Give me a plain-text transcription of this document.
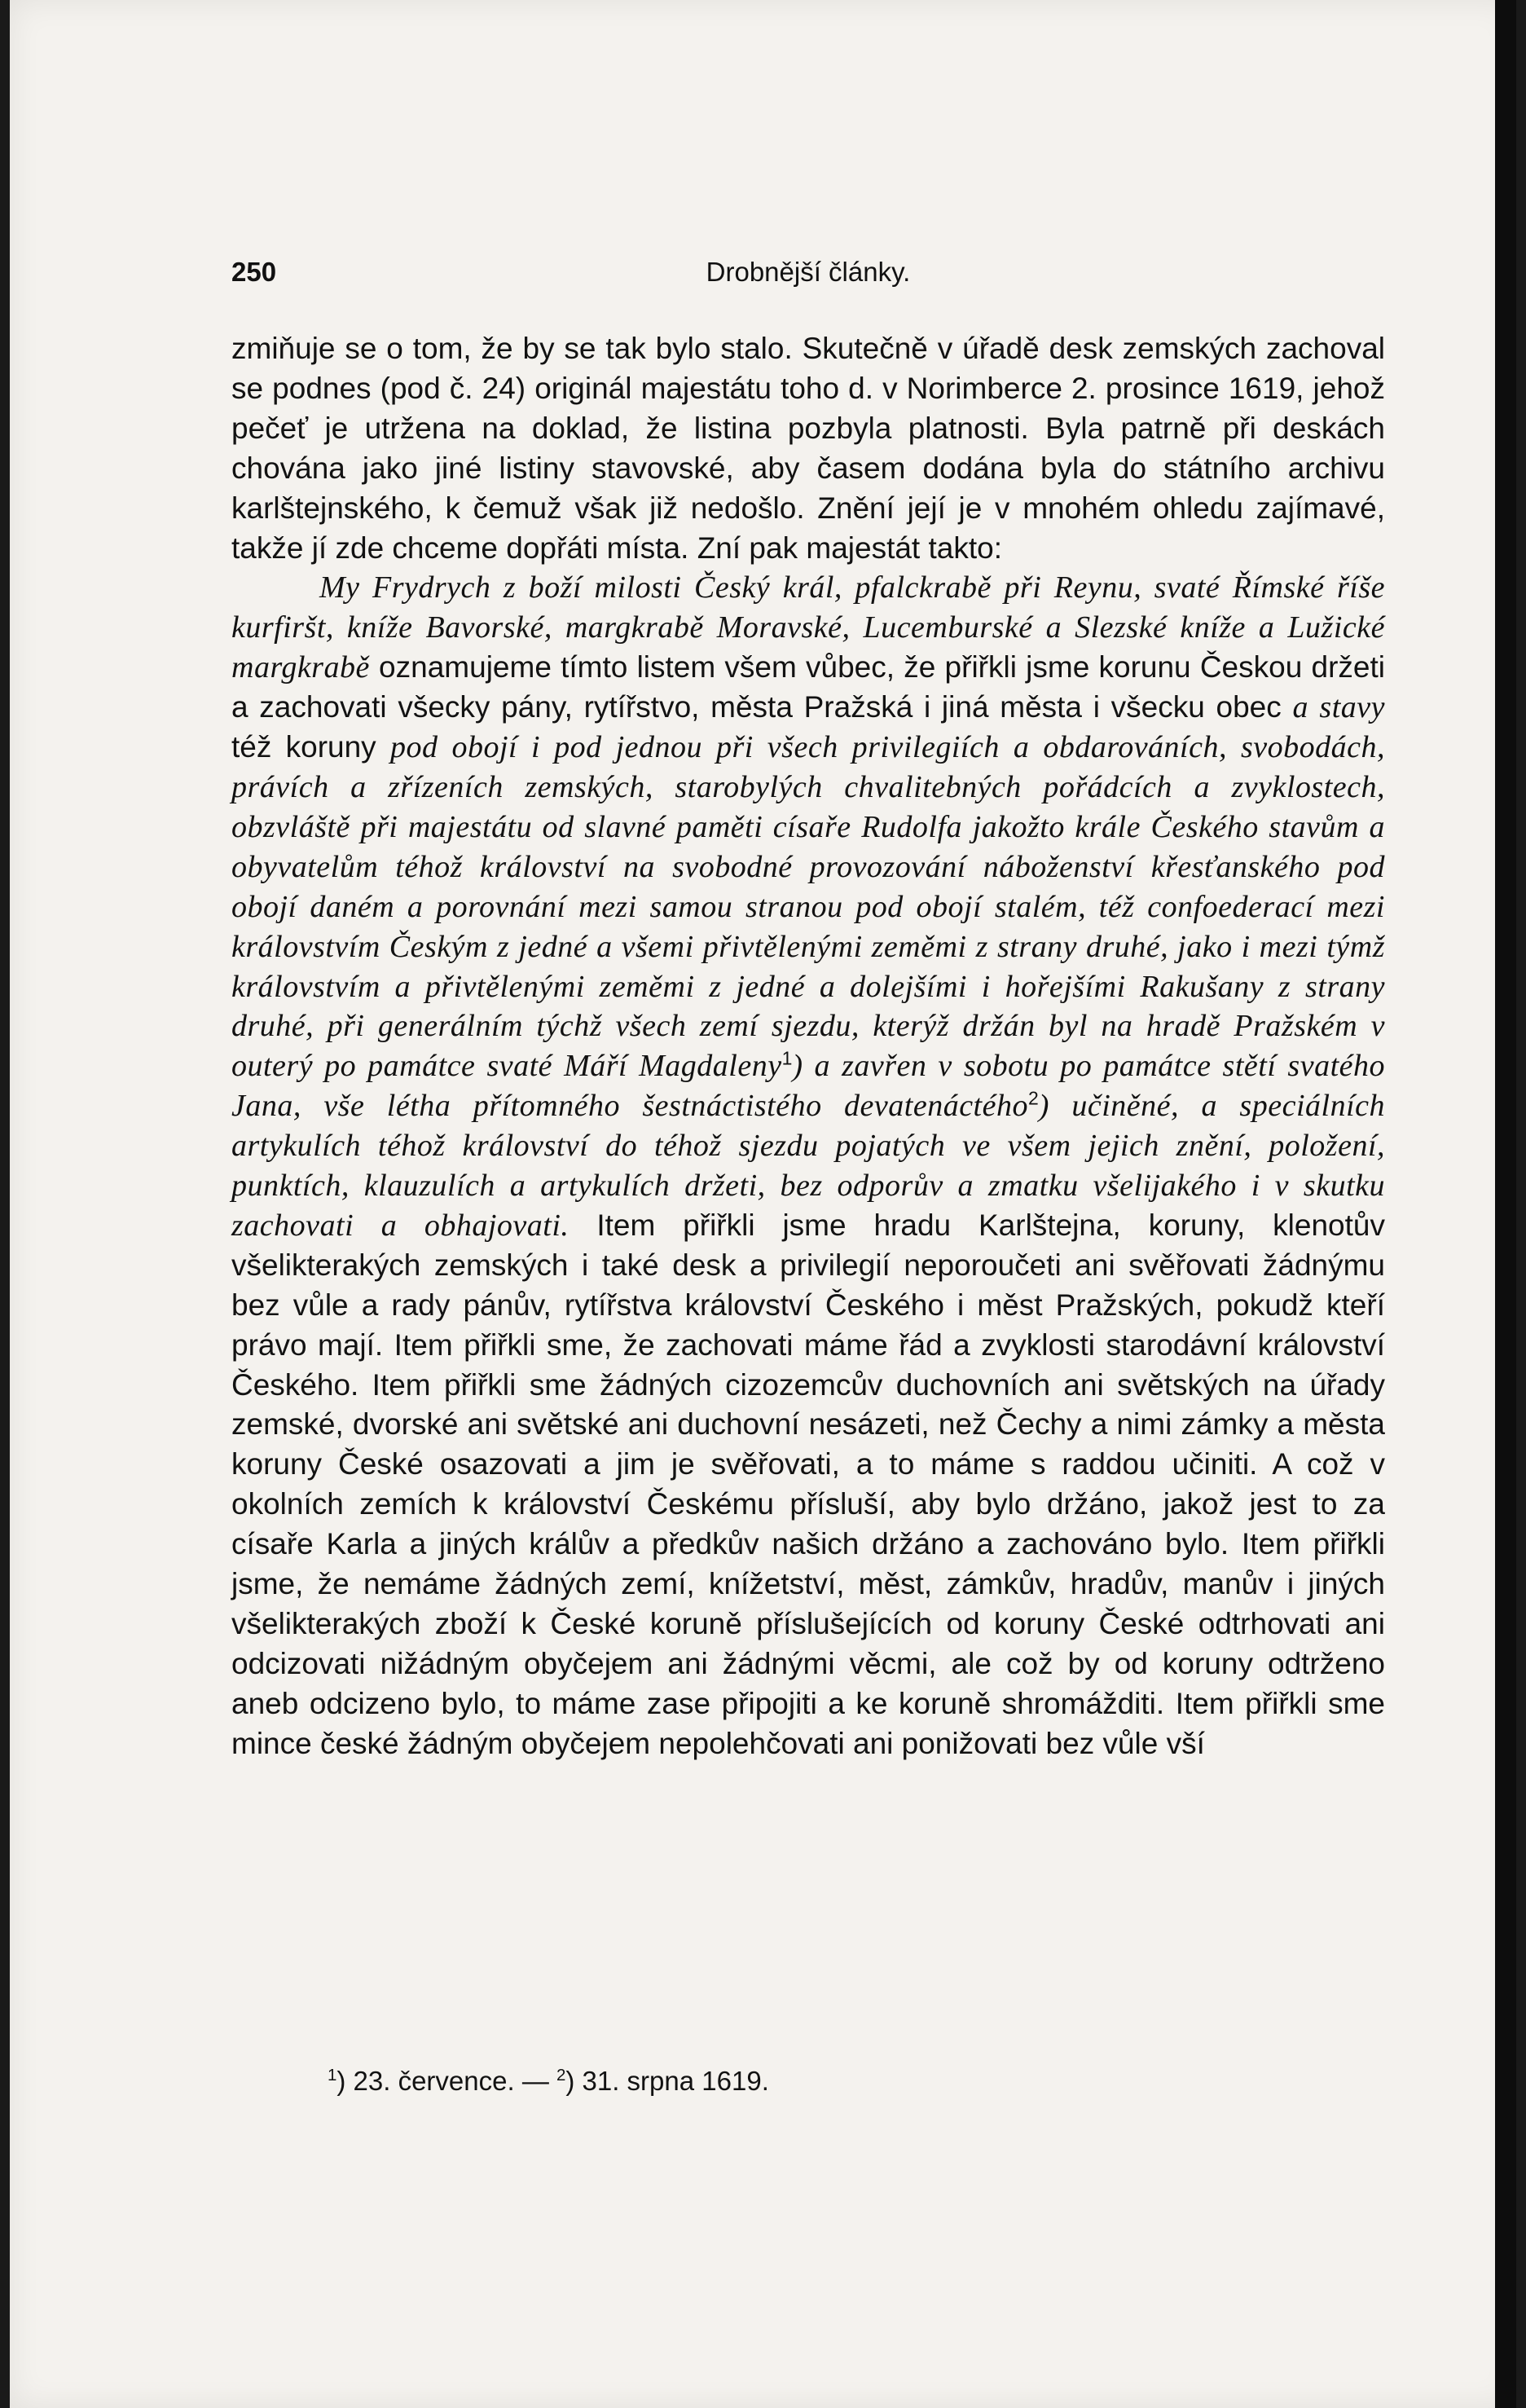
250	Drobnější články.

zmiňuje se o tom, že by se tak bylo stalo. Skutečně v úřadě desk zemských zachoval se podnes (pod č. 24) originál majestátu toho d. v Norimberce 2. prosince 1619, jehož pečeť je utržena na doklad, že listina pozbyla platnosti. Byla patrně při deskách chována jako jiné listiny stavovské, aby časem dodána byla do státního archivu karlštejnského, k čemuž však již nedošlo. Znění její je v mnohém ohledu zajímavé, takže jí zde chceme dopřáti místa. Zní pak majestát takto:

My Frydrych z boží milosti Český král, pfalckrabě při Reynu, svaté Římské říše kurfiršt, kníže Bavorské, margkrabě Moravské, Lucemburské a Slezské kníže a Lužické margkrabě oznamujeme tímto listem všem vůbec, že přiřkli jsme korunu Českou držeti a zachovati všecky pány, rytířstvo, města Pražská i jiná města i všecku obec a stavy též koruny pod obojí i pod jednou při všech privilegiích a obdarováních, svobodách, právích a zřízeních zemských, starobylých chvalitebných pořádcích a zvyklostech, obzvláště při majestátu od slavné paměti císaře Rudolfa jakožto krále Českého stavům a obyvatelům téhož království na svobodné provozování náboženství křesťanského pod obojí daném a porovnání mezi samou stranou pod obojí stalém, též confoederací mezi královstvím Českým z jedné a všemi přivtělenými zeměmi z strany druhé, jako i mezi týmž královstvím a přivtělenými zeměmi z jedné a dolejšími i hořejšími Rakušany z strany druhé, při generálním týchž všech zemí sjezdu, kterýž držán byl na hradě Pražském v outerý po památce svaté Máří Magdaleny$^1$) a zavřen v sobotu po památce stětí svatého Jana, vše létha přítomného šestnáctistého devatenáctého$^2$) učiněné, a speciálních artykulích téhož království do téhož sjezdu pojatých ve všem jejich znění, položení, punktích, klauzulích a artykulích držeti, bez odporův a zmatku všelijakého i v skutku zachovati a obhajovati. Item přiřkli jsme hradu Karlštejna, koruny, klenotův všelikterakých zemských i také desk a privilegií neporoučeti ani svěřovati žádnýmu bez vůle a rady pánův, rytířstva království Českého i měst Pražských, pokudž kteří právo mají. Item přiřkli sme, že zachovati máme řád a zvyklosti starodávní království Českého. Item přiřkli sme žádných cizozemcův duchovních ani světských na úřady zemské, dvorské ani světské ani duchovní nesázeti, než Čechy a nimi zámky a města koruny České osazovati a jim je svěřovati, a to máme s raddou učiniti. A což v okolních zemích k království Českému přísluší, aby bylo držáno, jakož jest to za císaře Karla a jiných králův a předkův našich držáno a zachováno bylo. Item přiřkli jsme, že nemáme žádných zemí, knížetství, měst, zámkův, hradův, manův i jiných všelikterakých zboží k České koruně příslušejících od koruny České odtrhovati ani odcizovati nižádným obyčejem ani žádnými věcmi, ale což by od koruny odtrženo aneb odcizeno bylo, to máme zase připojiti a ke koruně shromážditi. Item přiřkli sme mince české žádným obyčejem nepolehčovati ani ponižovati bez vůle vší

$^1$) 23. července. — $^2$) 31. srpna 1619.
